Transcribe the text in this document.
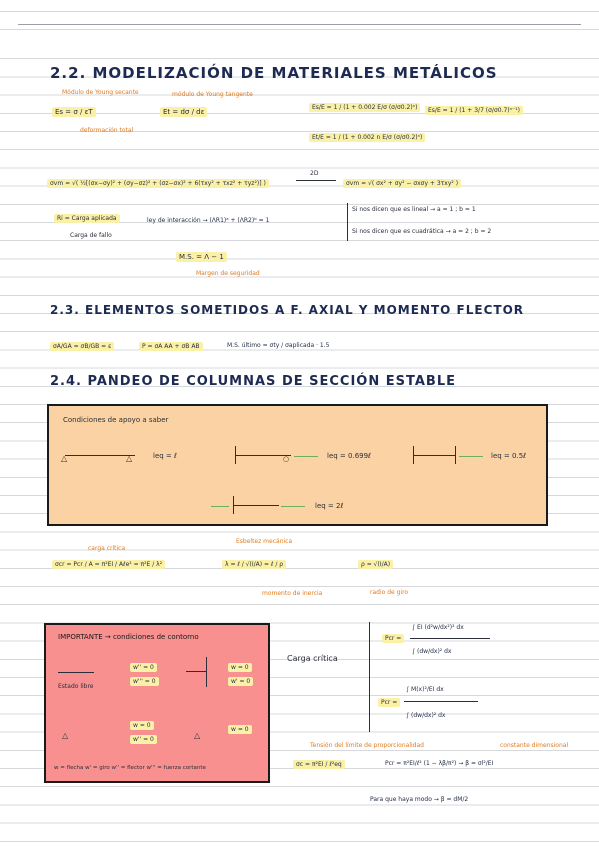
2.2. MODELIZACIÓN DE MATERIALES METÁLICOS
Módulo de Young secante
Es = σ / εT
deformación total
módulo de Young tangente
Et = dσ / dε
Es/E = 1 / (1 + 0.002 E/σ (σ/σ0.2)ⁿ)
Et/E = 1 / (1 + 0.002 n E/σ (σ/σ0.2)ⁿ)
Es/E = 1 / (1 + 3/7 (σ/σ0.7)ⁿ⁻¹)
σvm = √( ½[(σx−σy)² + (σy−σz)² + (σz−σx)² + 6(τxy² + τxz² + τyz²)] )
2D
σvm = √( σx² + σy² − σxσy + 3τxy² )
Ri = Carga aplicada
Carga de fallo
ley de interacción → (ΛR1)ᵃ + (ΛR2)ᵇ = 1
Si nos dicen que es lineal → a = 1 ; b = 1
Si nos dicen que es cuadrática → a = 2 ; b = 2
M.S. = Λ − 1
Margen de seguridad
2.3. ELEMENTOS SOMETIDOS A F. AXIAL Y MOMENTO FLECTOR
σA/GA = σB/GB = ε	P = σA AA + σB AB	M.S. último = σty / σaplicada · 1.5
2.4. PANDEO DE COLUMNAS DE SECCIÓN ESTABLE
Condiciones de apoyo a saber
△	△	leq = ℓ	○	leq = 0.699ℓ	leq = 0.5ℓ
leq = 2ℓ
carga crítica
σcr = Pcr / A = π²EI / Aℓe² = π²E / λ²
Esbeltez mecánica
λ = ℓ / √(I/A) = ℓ / ρ
momento de inercia
ρ = √(I/A)
radio de giro
IMPORTANTE → condiciones de contorno
Estado libre
w'' = 0
w''' = 0
w = 0
w' = 0
△
w = 0
w'' = 0	△
w = 0
w = flecha w' = giro w'' = flector w''' = fuerza cortante
Carga crítica
Pcr =
∫ EI (d²w/dx²)² dx
∫ (dw/dx)² dx
Pcr =
∫ M(x)²/EI dx
∫ (dw/dx)² dx
Tensión del límite de proporcionalidad
σc = π²EI / ℓ²eq	Pcr = π²EI/ℓ² (1 − λβ/π²) → β = σl²/EI
constante dimensional
Para que haya modo → β = dM/2
